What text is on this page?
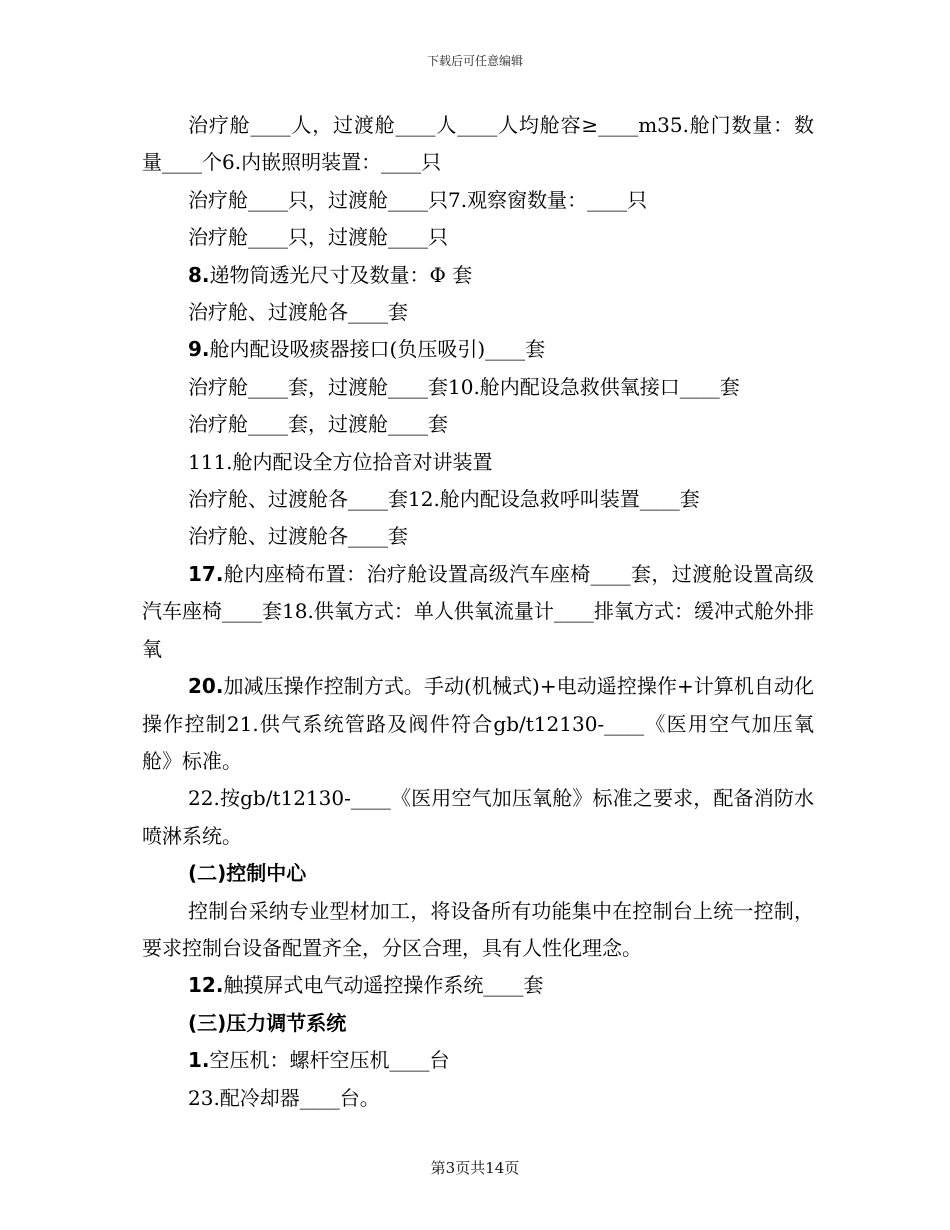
下载后可任意编辑

治疗舱____人，过渡舱____人____人均舱容≥____m35.舱门数量：数量____个6.内嵌照明装置：____只

治疗舱____只，过渡舱____只7.观察窗数量：____只

治疗舱____只，过渡舱____只

8.递物筒透光尺寸及数量：Φ 套

治疗舱、过渡舱各____套

9.舱内配设吸痰器接口(负压吸引)____套

治疗舱____套，过渡舱____套10.舱内配设急救供氧接口____套

治疗舱____套，过渡舱____套

111.舱内配设全方位拾音对讲装置

治疗舱、过渡舱各____套12.舱内配设急救呼叫装置____套

治疗舱、过渡舱各____套

17.舱内座椅布置：治疗舱设置高级汽车座椅____套，过渡舱设置高级汽车座椅____套18.供氧方式：单人供氧流量计____排氧方式：缓冲式舱外排氧

20.加减压操作控制方式。手动(机械式)+电动遥控操作+计算机自动化操作控制21.供气系统管路及阀件符合gb/t12130-____《医用空气加压氧舱》标准。

22.按gb/t12130-____《医用空气加压氧舱》标准之要求，配备消防水喷淋系统。

(二)控制中心

控制台采纳专业型材加工，将设备所有功能集中在控制台上统一控制，要求控制台设备配置齐全，分区合理，具有人性化理念。

12.触摸屏式电气动遥控操作系统____套

(三)压力调节系统

1.空压机：螺杆空压机____台

23.配冷却器____台。

第3页共14页
